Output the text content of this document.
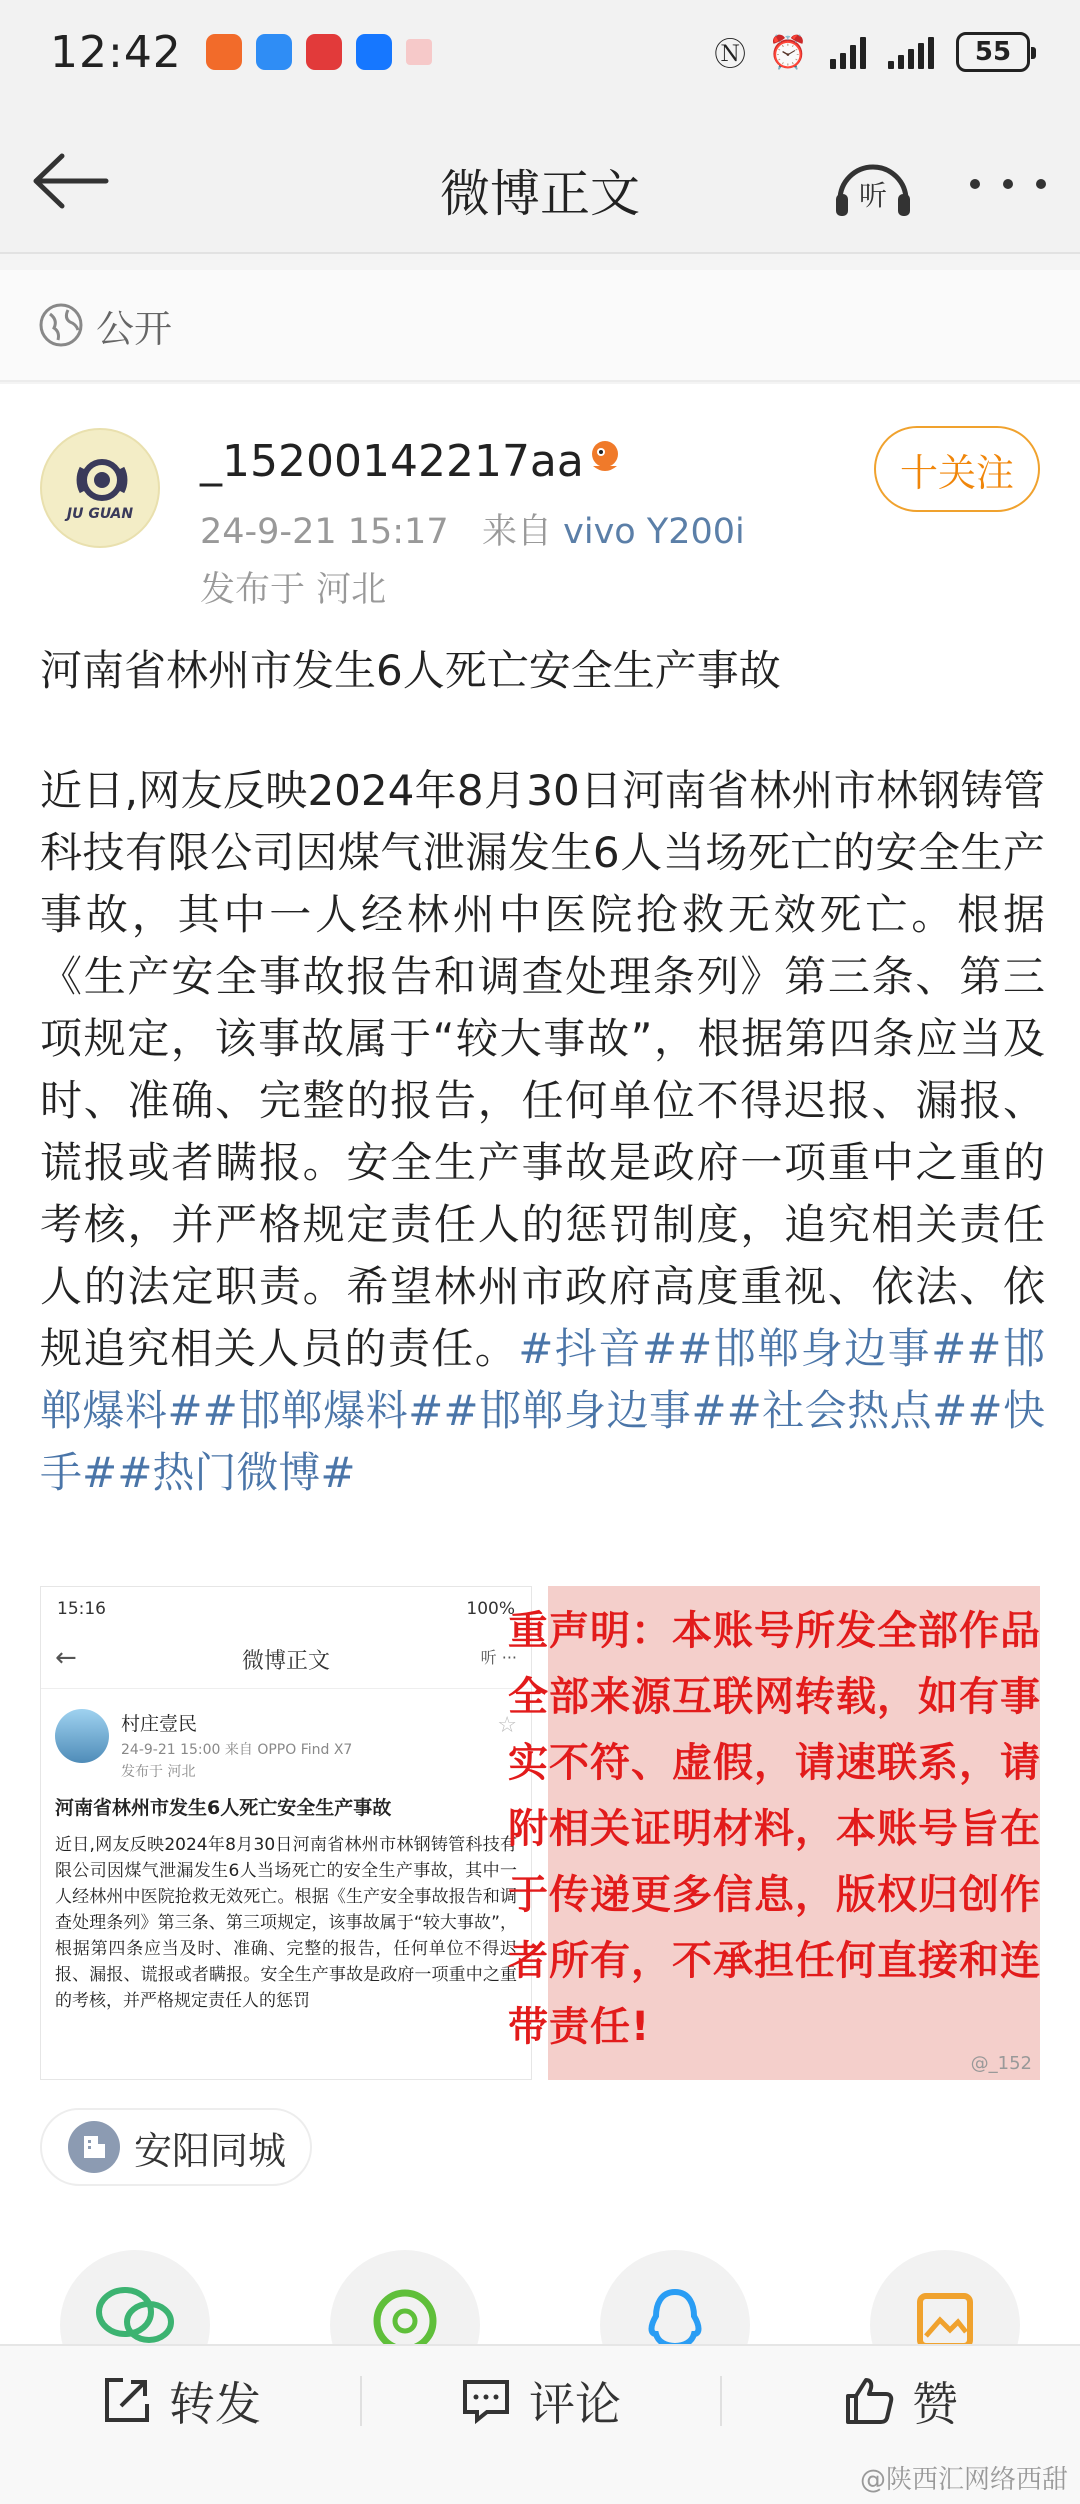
12:42	Ⓝ ⏰	55
微博正文	听
公开
JU GUAN
_15200142217aa
24-9-21 15:17 来自 vivo Y200i
发布于 河北
十关注
河南省林州市发生6人死亡安全生产事故
近日,网友反映2024年8月30日河南省林州市林钢铸管科技有限公司因煤气泄漏发生6人当场死亡的安全生产事故，其中一人经林州中医院抢救无效死亡。根据《生产安全事故报告和调查处理条列》第三条、第三项规定，该事故属于“较大事故”，根据第四条应当及时、准确、完整的报告，任何单位不得迟报、漏报、谎报或者瞒报。安全生产事故是政府一项重中之重的考核，并严格规定责任人的惩罚制度，追究相关责任人的法定职责。希望林州市政府高度重视、依法、依规追究相关人员的责任。#抖音##邯郸身边事##邯郸爆料##邯郸爆料##邯郸身边事##社会热点##快手##热门微博#
15:16	100%
←	微博正文	听 ···
村庄壹民
24-9-21 15:00 来自 OPPO Find X7
发布于 河北
☆
河南省林州市发生6人死亡安全生产事故
近日,网友反映2024年8月30日河南省林州市林钢铸管科技有限公司因煤气泄漏发生6人当场死亡的安全生产事故，其中一人经林州中医院抢救无效死亡。根据《生产安全事故报告和调查处理条列》第三条、第三项规定，该事故属于“较大事故”，根据第四条应当及时、准确、完整的报告，任何单位不得迟报、漏报、谎报或者瞒报。安全生产事故是政府一项重中之重的考核，并严格规定责任人的惩罚
重声明：本账号所发全部作品全部来源互联网转载，如有事实不符、虚假，请速联系，请附相关证明材料，本账号旨在于传递更多信息，版权归创作者所有，不承担任何直接和连带责任!
@_152
安阳同城
转发	评论	赞
@陕西汇网络西甜
